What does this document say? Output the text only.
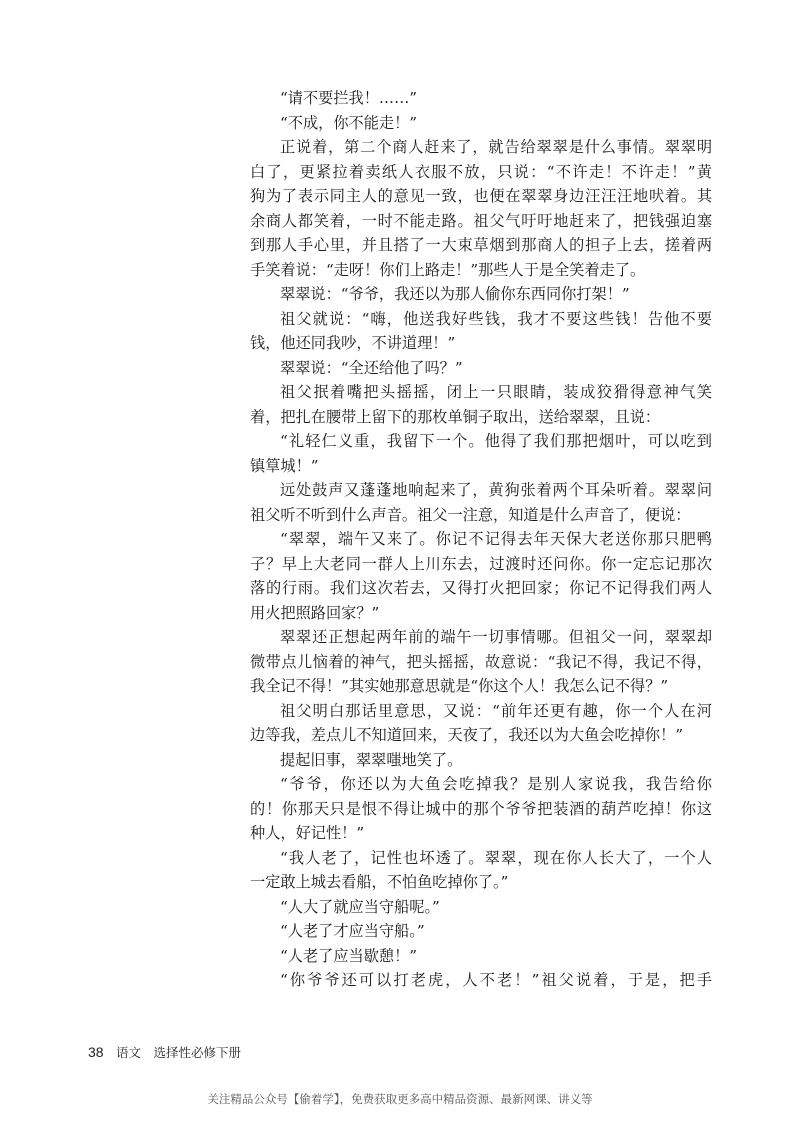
“请不要拦我！……”
“不成，你不能走！”
正说着，第二个商人赶来了，就告给翠翠是什么事情。翠翠明
白了，更紧拉着卖纸人衣服不放，只说：“不许走！不许走！”黄
狗为了表示同主人的意见一致，也便在翠翠身边汪汪汪地吠着。其
余商人都笑着，一时不能走路。祖父气吁吁地赶来了，把钱强迫塞
到那人手心里，并且搭了一大束草烟到那商人的担子上去，搓着两
手笑着说：“走呀！你们上路走！”那些人于是全笑着走了。
翠翠说：“爷爷，我还以为那人偷你东西同你打架！”
祖父就说：“嗨，他送我好些钱，我才不要这些钱！告他不要
钱，他还同我吵，不讲道理！”
翠翠说：“全还给他了吗？”
祖父抿着嘴把头摇摇，闭上一只眼睛，装成狡猾得意神气笑
着，把扎在腰带上留下的那枚单铜子取出，送给翠翠，且说：
“礼轻仁义重，我留下一个。他得了我们那把烟叶，可以吃到
镇筸城！”
远处鼓声又蓬蓬地响起来了，黄狗张着两个耳朵听着。翠翠问
祖父听不听到什么声音。祖父一注意，知道是什么声音了，便说：
“翠翠，端午又来了。你记不记得去年天保大老送你那只肥鸭
子？早上大老同一群人上川东去，过渡时还问你。你一定忘记那次
落的行雨。我们这次若去，又得打火把回家；你记不记得我们两人
用火把照路回家？”
翠翠还正想起两年前的端午一切事情哪。但祖父一问，翠翠却
微带点儿恼着的神气，把头摇摇，故意说：“我记不得，我记不得，
我全记不得！”其实她那意思就是“你这个人！我怎么记不得？”
祖父明白那话里意思，又说：“前年还更有趣，你一个人在河
边等我，差点儿不知道回来，天夜了，我还以为大鱼会吃掉你！”
提起旧事，翠翠嗤地笑了。
“爷爷，你还以为大鱼会吃掉我？是别人家说我，我告给你
的！你那天只是恨不得让城中的那个爷爷把装酒的葫芦吃掉！你这
种人，好记性！”
“我人老了，记性也坏透了。翠翠，现在你人长大了，一个人
一定敢上城去看船，不怕鱼吃掉你了。”
“人大了就应当守船呢。”
“人老了才应当守船。”
“人老了应当歇憩！”
“你爷爷还可以打老虎，人不老！”祖父说着，于是，把手
38 语文　选择性必修下册
关注精品公众号【偷着学】，免费获取更多高中精品资源、最新网课、讲义等
